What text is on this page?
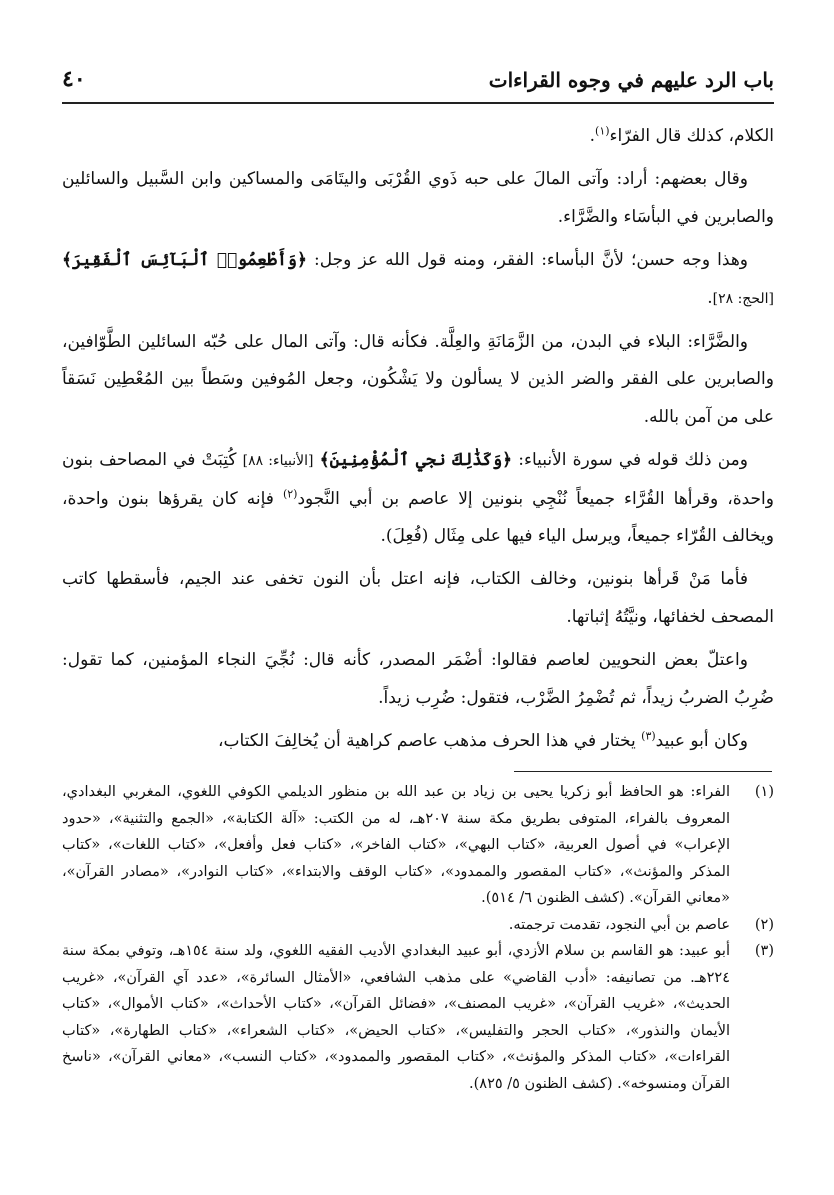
باب الرد عليهم في وجوه القراءات
٤٠

الكلام، كذلك قال الفرّاء$^{(١)}$.

وقال بعضهم: أراد: وآتى المالَ على حبه ذَوي القُرْبَى واليتَامَى والمساكين وابن السَّبيل والسائلين والصابرين في البأسَاء والضَّرَّاء.

وهذا وجه حسن؛ لأنَّ البأساء: الفقر، ومنه قول الله عز وجل: ﴿وَأَطْعِمُوا۟ ٱلْبَآئِسَ ٱلْفَقِيرَ﴾ [الحج: ٢٨].

والضَّرَّاء: البلاء في البدن، من الزَّمَانَةِ والعِلَّة. فكأنه قال: وآتى المال على حُبّه السائلين الطَّوّافين، والصابرين على الفقر والضر الذين لا يسألون ولا يَشْكُون، وجعل المُوفين وسَطاً بين المُعْطِين نَسَقاً على من آمن بالله.

ومن ذلك قوله في سورة الأنبياء: ﴿وَكَذَٰلِكَ نجي ٱلْمُؤْمِنِينَ﴾ [الأنبياء: ٨٨] كُتِبَتْ في المصاحف بنون واحدة، وقرأها القُرَّاء جميعاً نُنْجِي بنونين إلا عاصم بن أبي النَّجود$^{(٢)}$ فإنه كان يقرؤها بنون واحدة، ويخالف القُرّاء جميعاً، ويرسل الياء فيها على مِثَال (فُعِلَ).

فأما مَنْ قَرأها بنونين، وخالف الكتاب، فإنه اعتل بأن النون تخفى عند الجيم، فأسقطها كاتب المصحف لخفائها، ونيَّتُهُ إثباتها.

واعتلّ بعض النحويين لعاصم فقالوا: أضْمَر المصدر، كأنه قال: نُجِّيَ النجاء المؤمنين، كما تقول: ضُرِبُ الضربُ زيداً، ثم تُضْمِرُ الضَّرْب، فتقول: ضُرِب زيداً.

وكان أبو عبيد$^{(٣)}$ يختار في هذا الحرف مذهب عاصم كراهية أن يُخالِفَ الكتاب،

(١)
الفراء: هو الحافظ أبو زكريا يحيى بن زياد بن عبد الله بن منظور الديلمي الكوفي اللغوي، المغربي البغدادي، المعروف بالفراء، المتوفى بطريق مكة سنة ٢٠٧هـ، له من الكتب: «آلة الكتابة»، «الجمع والتثنية»، «حدود الإعراب» في أصول العربية، «كتاب البهي»، «كتاب الفاخر»، «كتاب فعل وأفعل»، «كتاب اللغات»، «كتاب المذكر والمؤنث»، «كتاب المقصور والممدود»، «كتاب الوقف والابتداء»، «كتاب النوادر»، «مصادر القرآن»، «معاني القرآن». (كشف الظنون ٦/ ٥١٤).
(٢)
عاصم بن أبي النجود، تقدمت ترجمته.
(٣)
أبو عبيد: هو القاسم بن سلام الأزدي، أبو عبيد البغدادي الأديب الفقيه اللغوي، ولد سنة ١٥٤هـ، وتوفي بمكة سنة ٢٢٤هـ. من تصانيفه: «أدب القاضي» على مذهب الشافعي، «الأمثال السائرة»، «عدد آي القرآن»، «غريب الحديث»، «غريب القرآن»، «غريب المصنف»، «فضائل القرآن»، «كتاب الأحداث»، «كتاب الأموال»، «كتاب الأيمان والنذور»، «كتاب الحجر والتفليس»، «كتاب الحيض»، «كتاب الشعراء»، «كتاب الطهارة»، «كتاب القراءات»، «كتاب المذكر والمؤنث»، «كتاب المقصور والممدود»، «كتاب النسب»، «معاني القرآن»، «ناسخ القرآن ومنسوخه». (كشف الظنون ٥/ ٨٢٥).
